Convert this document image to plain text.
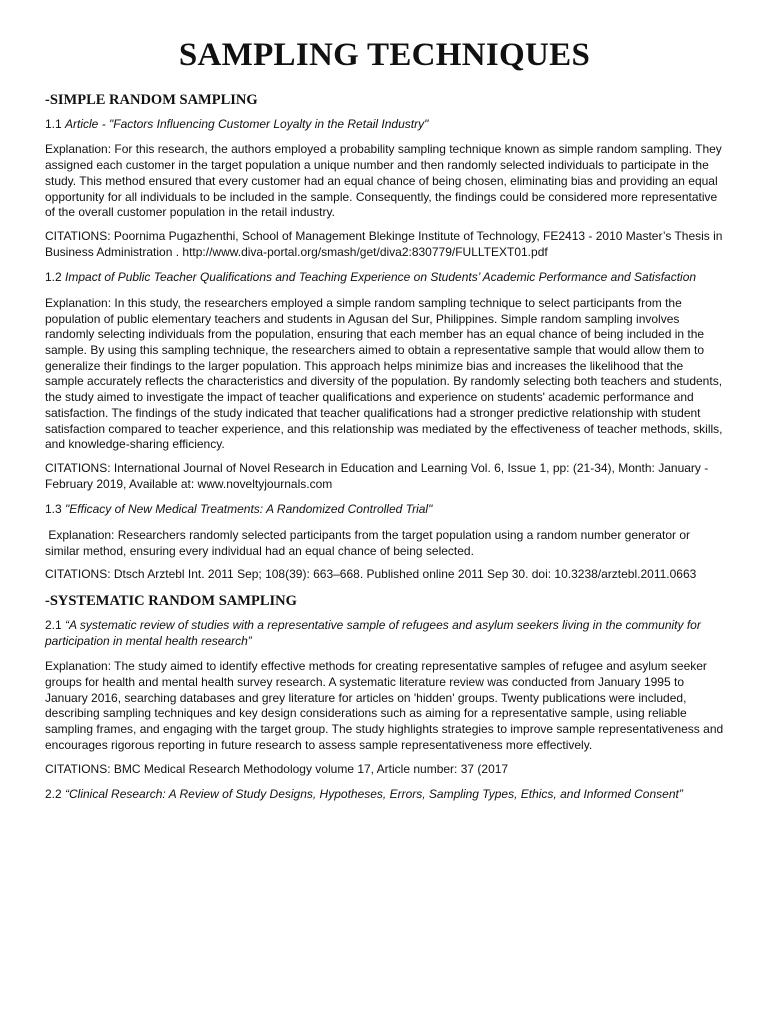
SAMPLING TECHNIQUES
-SIMPLE RANDOM SAMPLING
1.1 Article - "Factors Influencing Customer Loyalty in the Retail Industry"

Explanation: For this research, the authors employed a probability sampling technique known as simple random sampling. They assigned each customer in the target population a unique number and then randomly selected individuals to participate in the study. This method ensured that every customer had an equal chance of being chosen, eliminating bias and providing an equal opportunity for all individuals to be included in the sample. Consequently, the findings could be considered more representative of the overall customer population in the retail industry.

CITATIONS: Poornima Pugazhenthi, School of Management Blekinge Institute of Technology, FE2413 - 2010 Master’s Thesis in Business Administration . http://www.diva-portal.org/smash/get/diva2:830779/FULLTEXT01.pdf

1.2 Impact of Public Teacher Qualifications and Teaching Experience on Students’ Academic Performance and Satisfaction

Explanation: In this study, the researchers employed a simple random sampling technique to select participants from the population of public elementary teachers and students in Agusan del Sur, Philippines. Simple random sampling involves randomly selecting individuals from the population, ensuring that each member has an equal chance of being included in the sample. By using this sampling technique, the researchers aimed to obtain a representative sample that would allow them to generalize their findings to the larger population. This approach helps minimize bias and increases the likelihood that the sample accurately reflects the characteristics and diversity of the population. By randomly selecting both teachers and students, the study aimed to investigate the impact of teacher qualifications and experience on students' academic performance and satisfaction. The findings of the study indicated that teacher qualifications had a stronger predictive relationship with student satisfaction compared to teacher experience, and this relationship was mediated by the effectiveness of teacher methods, skills, and knowledge-sharing efficiency.

CITATIONS: International Journal of Novel Research in Education and Learning Vol. 6, Issue 1, pp: (21-34), Month: January - February 2019, Available at: www.noveltyjournals.com

1.3 "Efficacy of New Medical Treatments: A Randomized Controlled Trial"

Explanation: Researchers randomly selected participants from the target population using a random number generator or similar method, ensuring every individual had an equal chance of being selected.

CITATIONS: Dtsch Arztebl Int. 2011 Sep; 108(39): 663–668. Published online 2011 Sep 30. doi: 10.3238/arztebl.2011.0663

-SYSTEMATIC RANDOM SAMPLING
2.1 “A systematic review of studies with a representative sample of refugees and asylum seekers living in the community for participation in mental health research”

Explanation: The study aimed to identify effective methods for creating representative samples of refugee and asylum seeker groups for health and mental health survey research. A systematic literature review was conducted from January 1995 to January 2016, searching databases and grey literature for articles on 'hidden' groups. Twenty publications were included, describing sampling techniques and key design considerations such as aiming for a representative sample, using reliable sampling frames, and engaging with the target group. The study highlights strategies to improve sample representativeness and encourages rigorous reporting in future research to assess sample representativeness more effectively.

CITATIONS: BMC Medical Research Methodology volume 17, Article number: 37 (2017

2.2 “Clinical Research: A Review of Study Designs, Hypotheses, Errors, Sampling Types, Ethics, and Informed Consent”
